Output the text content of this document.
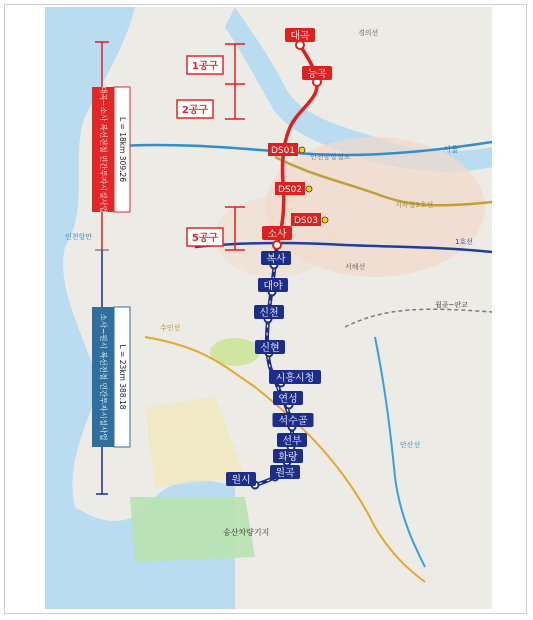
대곡
능곡
소사
복사
대야
신천
신현
시흥시청
연성
석수골
선부
화랑
원곡
원시
DS01
DS02
DS03
1공구
2공구
5공구
대곡~소사 복선전철 민간투자시설사업 L = 18km 309.26
소사~원시 복선전철 민간투자시설사업 L = 23km 388.18
송산차량기지
인천공항철도
지하철9호선
서울
경의선
1호선
서해선
수인선
월곶~판교
안산선
인천항만
